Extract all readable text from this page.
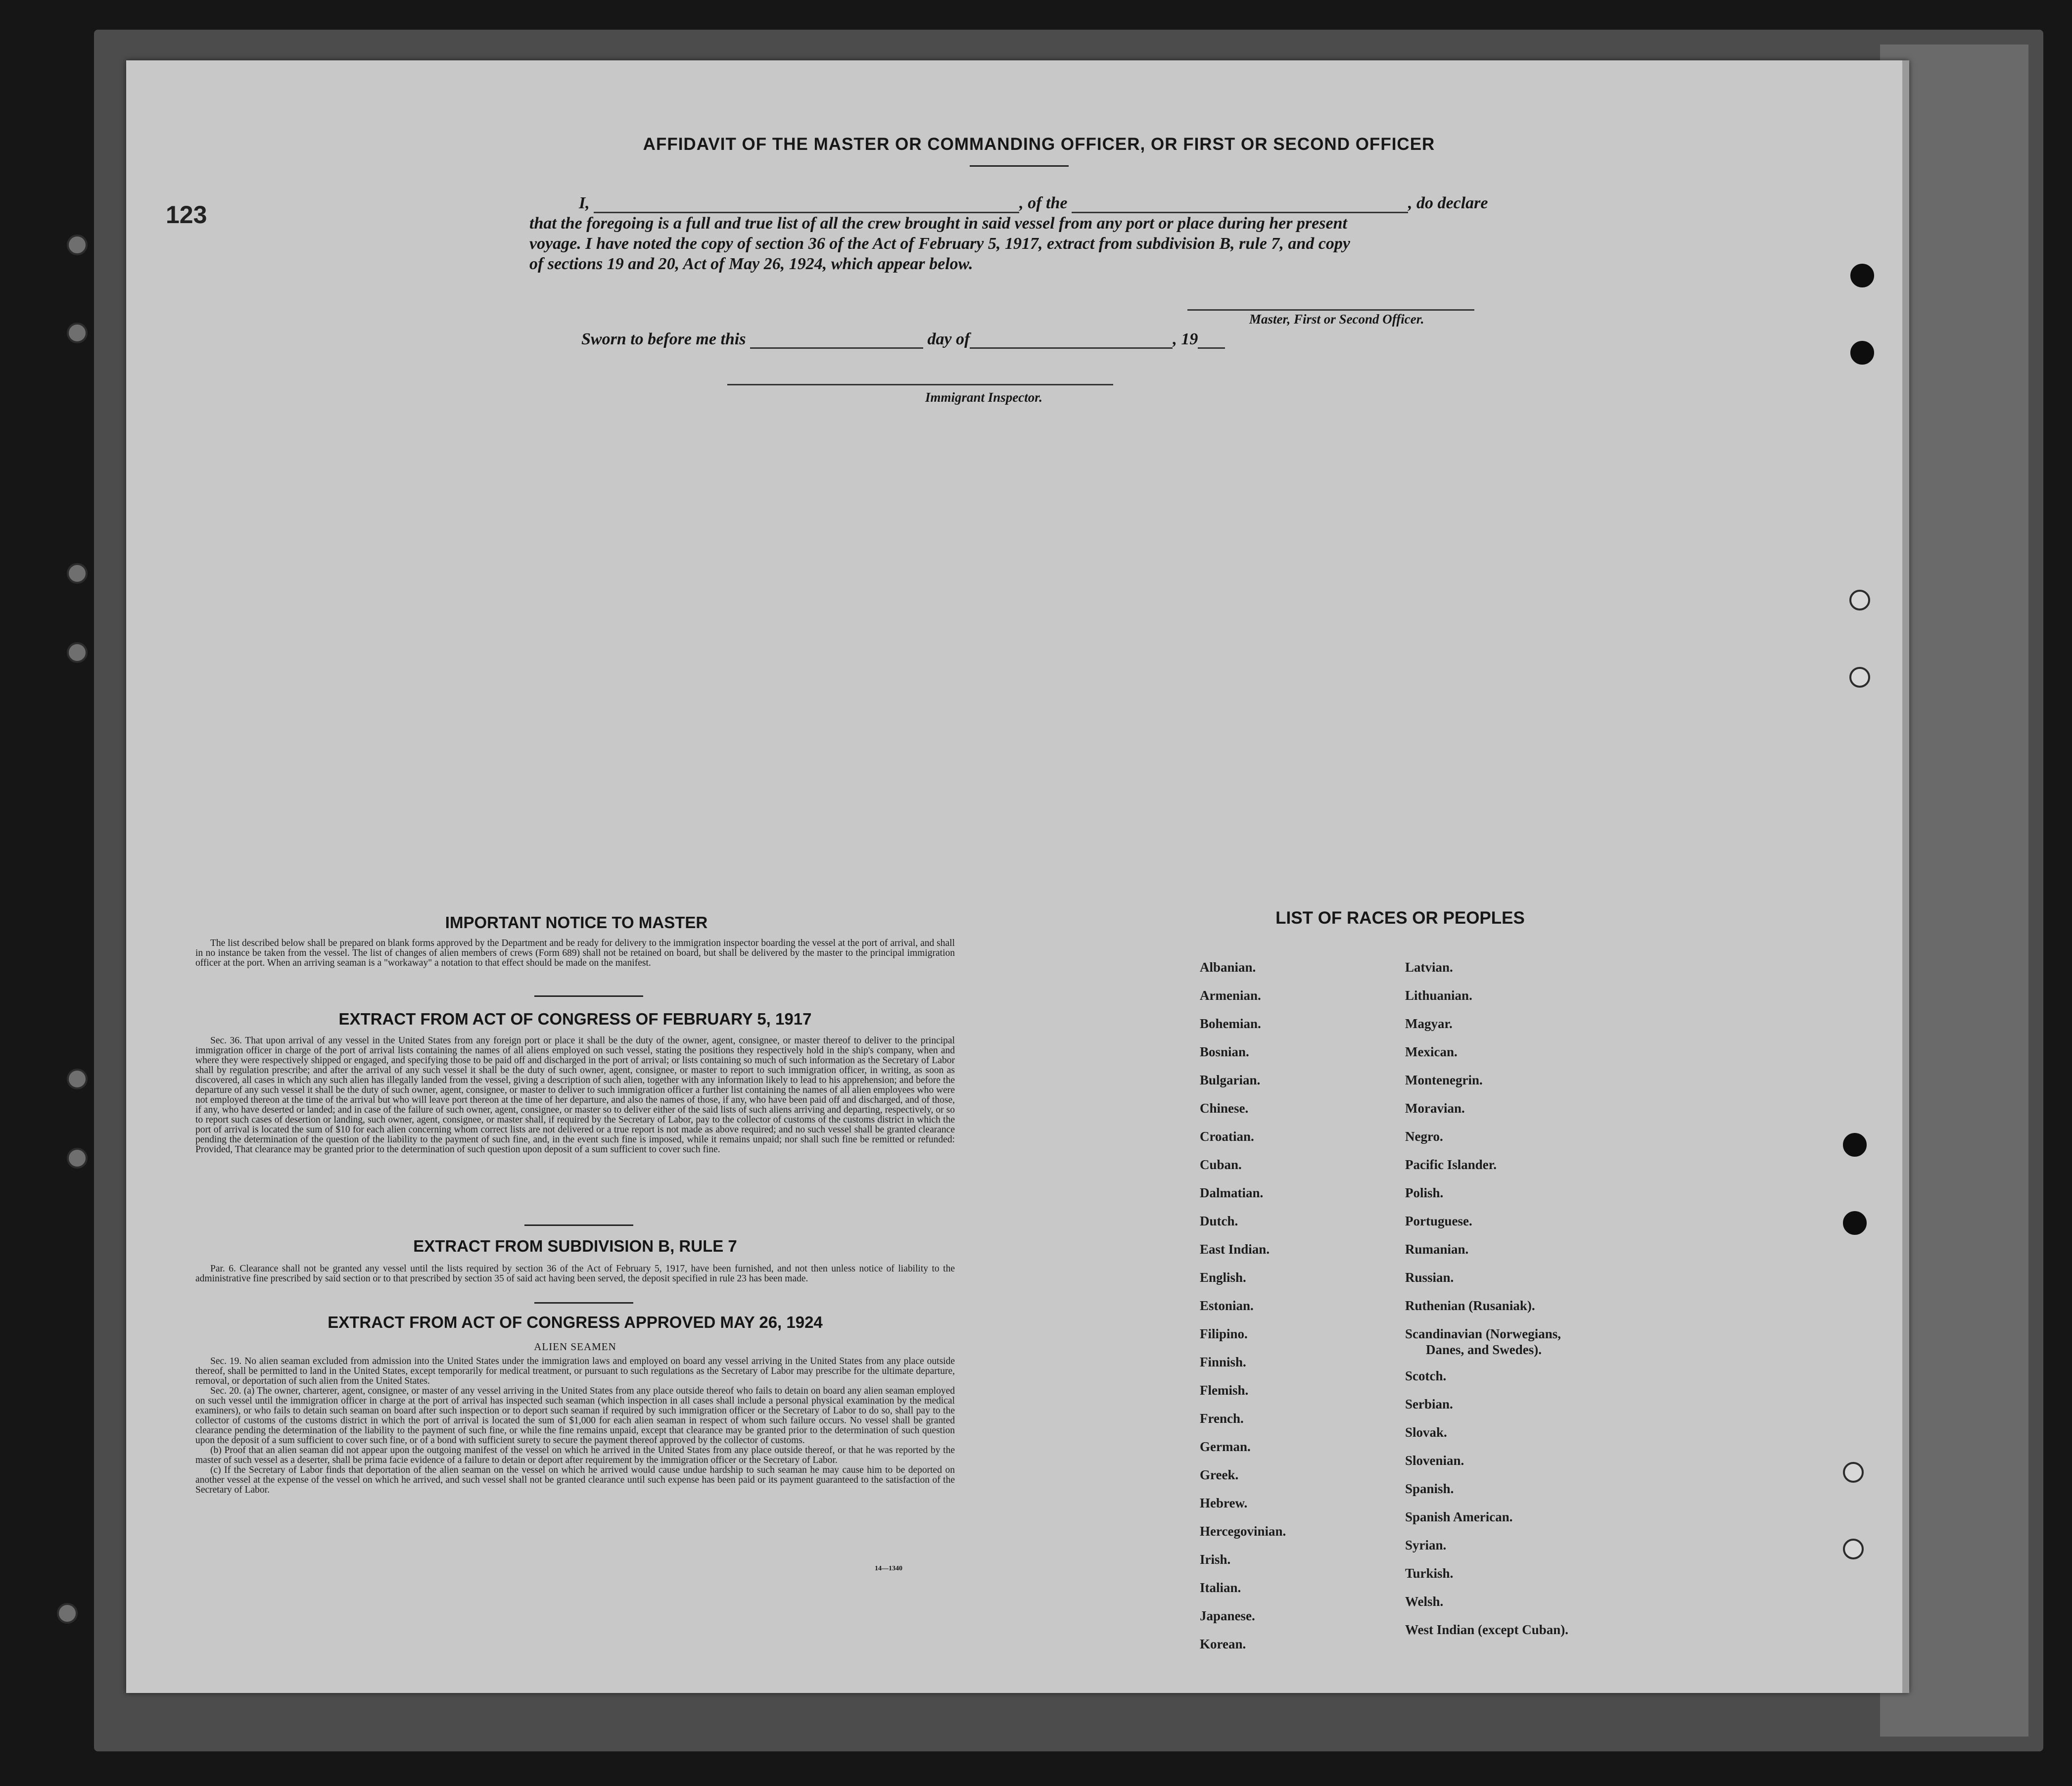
123
AFFIDAVIT OF THE MASTER OR COMMANDING OFFICER, OR FIRST OR SECOND OFFICER
I,	, of the	, do declare
that the foregoing is a full and true list of all the crew brought in said vessel from any port or place during her present
voyage. I have noted the copy of section 36 of the Act of February 5, 1917, extract from subdivision B, rule 7, and copy
of sections 19 and 20, Act of May 26, 1924, which appear below.
Master, First or Second Officer.
Sworn to before me this	day of	, 19
Immigrant Inspector.
IMPORTANT NOTICE TO MASTER

The list described below shall be prepared on blank forms approved by the Department and be ready for delivery to the immigration inspector boarding the vessel at the port of arrival, and shall in no instance be taken from the vessel. The list of changes of alien members of crews (Form 689) shall not be retained on board, but shall be delivered by the master to the principal immigration officer at the port. When an arriving seaman is a "workaway" a notation to that effect should be made on the manifest.

EXTRACT FROM ACT OF CONGRESS OF FEBRUARY 5, 1917

Sec. 36. That upon arrival of any vessel in the United States from any foreign port or place it shall be the duty of the owner, agent, consignee, or master thereof to deliver to the principal immigration officer in charge of the port of arrival lists containing the names of all aliens employed on such vessel, stating the positions they respectively hold in the ship's company, when and where they were respectively shipped or engaged, and specifying those to be paid off and discharged in the port of arrival; or lists containing so much of such information as the Secretary of Labor shall by regulation prescribe; and after the arrival of any such vessel it shall be the duty of such owner, agent, consignee, or master to report to such immigration officer, in writing, as soon as discovered, all cases in which any such alien has illegally landed from the vessel, giving a description of such alien, together with any information likely to lead to his apprehension; and before the departure of any such vessel it shall be the duty of such owner, agent, consignee, or master to deliver to such immigration officer a further list containing the names of all alien employees who were not employed thereon at the time of the arrival but who will leave port thereon at the time of her departure, and also the names of those, if any, who have been paid off and discharged, and of those, if any, who have deserted or landed; and in case of the failure of such owner, agent, consignee, or master so to deliver either of the said lists of such aliens arriving and departing, respectively, or so to report such cases of desertion or landing, such owner, agent, consignee, or master shall, if required by the Secretary of Labor, pay to the collector of customs of the customs district in which the port of arrival is located the sum of $10 for each alien concerning whom correct lists are not delivered or a true report is not made as above required; and no such vessel shall be granted clearance pending the determination of the question of the liability to the payment of such fine, and, in the event such fine is imposed, while it remains unpaid; nor shall such fine be remitted or refunded: Provided, That clearance may be granted prior to the determination of such question upon deposit of a sum sufficient to cover such fine.

EXTRACT FROM SUBDIVISION B, RULE 7

Par. 6. Clearance shall not be granted any vessel until the lists required by section 36 of the Act of February 5, 1917, have been furnished, and not then unless notice of liability to the administrative fine prescribed by said section or to that prescribed by section 35 of said act having been served, the deposit specified in rule 23 has been made.

EXTRACT FROM ACT OF CONGRESS APPROVED MAY 26, 1924
ALIEN SEAMEN

Sec. 19. No alien seaman excluded from admission into the United States under the immigration laws and employed on board any vessel arriving in the United States from any place outside thereof, shall be permitted to land in the United States, except temporarily for medical treatment, or pursuant to such regulations as the Secretary of Labor may prescribe for the ultimate departure, removal, or deportation of such alien from the United States.

Sec. 20. (a) The owner, charterer, agent, consignee, or master of any vessel arriving in the United States from any place outside thereof who fails to detain on board any alien seaman employed on such vessel until the immigration officer in charge at the port of arrival has inspected such seaman (which inspection in all cases shall include a personal physical examination by the medical examiners), or who fails to detain such seaman on board after such inspection or to deport such seaman if required by such immigration officer or the Secretary of Labor to do so, shall pay to the collector of customs of the customs district in which the port of arrival is located the sum of $1,000 for each alien seaman in respect of whom such failure occurs. No vessel shall be granted clearance pending the determination of the liability to the payment of such fine, or while the fine remains unpaid, except that clearance may be granted prior to the determination of such question upon the deposit of a sum sufficient to cover such fine, or of a bond with sufficient surety to secure the payment thereof approved by the collector of customs.

(b) Proof that an alien seaman did not appear upon the outgoing manifest of the vessel on which he arrived in the United States from any place outside thereof, or that he was reported by the master of such vessel as a deserter, shall be prima facie evidence of a failure to detain or deport after requirement by the immigration officer or the Secretary of Labor.

(c) If the Secretary of Labor finds that deportation of the alien seaman on the vessel on which he arrived would cause undue hardship to such seaman he may cause him to be deported on another vessel at the expense of the vessel on which he arrived, and such vessel shall not be granted clearance until such expense has been paid or its payment guaranteed to the satisfaction of the Secretary of Labor.

14—1340
LIST OF RACES OR PEOPLES
Albanian.
Armenian.
Bohemian.
Bosnian.
Bulgarian.
Chinese.
Croatian.
Cuban.
Dalmatian.
Dutch.
East Indian.
English.
Estonian.
Filipino.
Finnish.
Flemish.
French.
German.
Greek.
Hebrew.
Hercegovinian.
Irish.
Italian.
Japanese.
Korean.
Latvian.
Lithuanian.
Magyar.
Mexican.
Montenegrin.
Moravian.
Negro.
Pacific Islander.
Polish.
Portuguese.
Rumanian.
Russian.
Ruthenian (Rusaniak).
Scandinavian (Norwegians,
Danes, and Swedes).
Scotch.
Serbian.
Slovak.
Slovenian.
Spanish.
Spanish American.
Syrian.
Turkish.
Welsh.
West Indian (except Cuban).
